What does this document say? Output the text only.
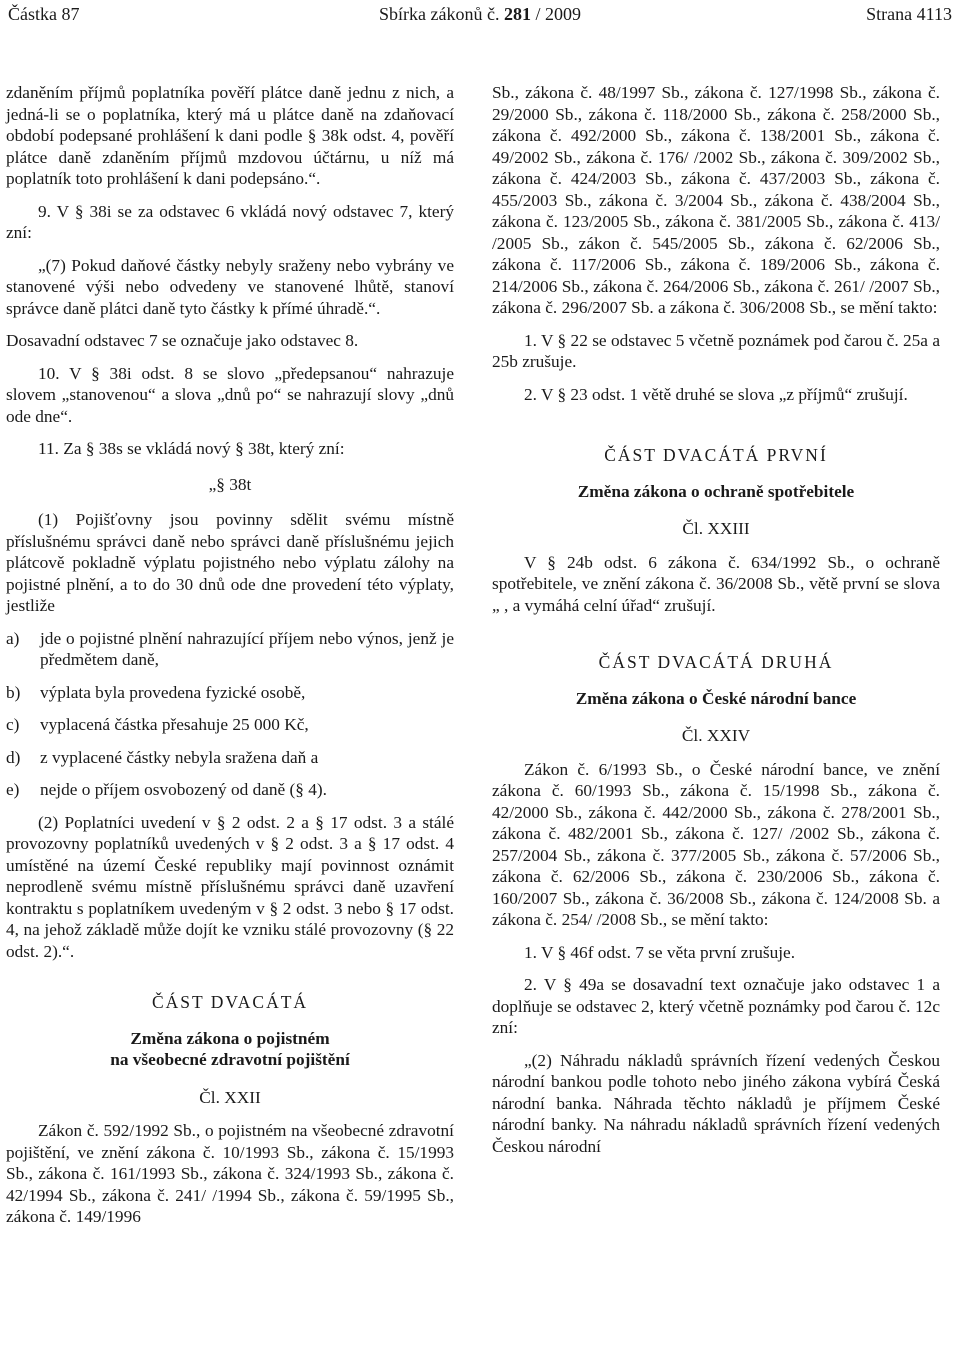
Částka 87	Sbírka zákonů č. 281 / 2009	Strana 4113

zdaněním příjmů poplatníka pověří plátce daně jednu z nich, a jedná-li se o poplatníka, který má u plátce daně na zdaňovací období podepsané prohlášení k dani podle § 38k odst. 4, pověří plátce daně zdaněním příjmů mzdovou účtárnu, u níž má poplatník toto prohlášení k dani podepsáno.“.

9. V § 38i se za odstavec 6 vkládá nový odstavec 7, který zní:

„(7) Pokud daňové částky nebyly sraženy nebo vybrány ve stanovené výši nebo odvedeny ve stanovené lhůtě, stanoví správce daně plátci daně tyto částky k přímé úhradě.“.

Dosavadní odstavec 7 se označuje jako odstavec 8.

10. V § 38i odst. 8 se slovo „předepsanou“ nahrazuje slovem „stanovenou“ a slova „dnů po“ se nahrazují slovy „dnů ode dne“.

11. Za § 38s se vkládá nový § 38t, který zní:

„§ 38t

(1) Pojišťovny jsou povinny sdělit svému místně příslušnému správci daně nebo správci daně příslušnému jejich plátcově pokladně výplatu pojistného nebo výplatu zálohy na pojistné plnění, a to do 30 dnů ode dne provedení této výplaty, jestliže

a)	jde o pojistné plnění nahrazující příjem nebo výnos, jenž je předmětem daně,
b)	výplata byla provedena fyzické osobě,
c)	vyplacená částka přesahuje 25 000 Kč,
d)	z vyplacené částky nebyla sražena daň a
e)	nejde o příjem osvobozený od daně (§ 4).

(2) Poplatníci uvedení v § 2 odst. 2 a § 17 odst. 3 a stálé provozovny poplatníků uvedených v § 2 odst. 3 a § 17 odst. 4 umístěné na území České republiky mají povinnost oznámit neprodleně svému místně příslušnému správci daně uzavření kontraktu s poplatníkem uvedeným v § 2 odst. 3 nebo § 17 odst. 4, na jehož základě může dojít ke vzniku stálé provozovny (§ 22 odst. 2).“.

ČÁST DVACÁTÁ

Změna zákona o pojistném

na všeobecné zdravotní pojištění

Čl. XXII

Zákon č. 592/1992 Sb., o pojistném na všeobecné zdravotní pojištění, ve znění zákona č. 10/1993 Sb., zákona č. 15/1993 Sb., zákona č. 161/1993 Sb., zákona č. 324/1993 Sb., zákona č. 42/1994 Sb., zákona č. 241/ /1994 Sb., zákona č. 59/1995 Sb., zákona č. 149/1996

Sb., zákona č. 48/1997 Sb., zákona č. 127/1998 Sb., zákona č. 29/2000 Sb., zákona č. 118/2000 Sb., zákona č. 258/2000 Sb., zákona č. 492/2000 Sb., zákona č. 138/2001 Sb., zákona č. 49/2002 Sb., zákona č. 176/ /2002 Sb., zákona č. 309/2002 Sb., zákona č. 424/2003 Sb., zákona č. 437/2003 Sb., zákona č. 455/2003 Sb., zákona č. 3/2004 Sb., zákona č. 438/2004 Sb., zákona č. 123/2005 Sb., zákona č. 381/2005 Sb., zákona č. 413/ /2005 Sb., zákon č. 545/2005 Sb., zákona č. 62/2006 Sb., zákona č. 117/2006 Sb., zákona č. 189/2006 Sb., zákona č. 214/2006 Sb., zákona č. 264/2006 Sb., zákona č. 261/ /2007 Sb., zákona č. 296/2007 Sb. a zákona č. 306/2008 Sb., se mění takto:

1. V § 22 se odstavec 5 včetně poznámek pod čarou č. 25a a 25b zrušuje.

2. V § 23 odst. 1 větě druhé se slova „z příjmů“ zrušují.

ČÁST DVACÁTÁ PRVNÍ

Změna zákona o ochraně spotřebitele

Čl. XXIII

V § 24b odst. 6 zákona č. 634/1992 Sb., o ochraně spotřebitele, ve znění zákona č. 36/2008 Sb., větě první se slova „ , a vymáhá celní úřad“ zrušují.

ČÁST DVACÁTÁ DRUHÁ

Změna zákona o České národní bance

Čl. XXIV

Zákon č. 6/1993 Sb., o České národní bance, ve znění zákona č. 60/1993 Sb., zákona č. 15/1998 Sb., zákona č. 42/2000 Sb., zákona č. 442/2000 Sb., zákona č. 278/2001 Sb., zákona č. 482/2001 Sb., zákona č. 127/ /2002 Sb., zákona č. 257/2004 Sb., zákona č. 377/2005 Sb., zákona č. 57/2006 Sb., zákona č. 62/2006 Sb., zákona č. 230/2006 Sb., zákona č. 160/2007 Sb., zákona č. 36/2008 Sb., zákona č. 124/2008 Sb. a zákona č. 254/ /2008 Sb., se mění takto:

1. V § 46f odst. 7 se věta první zrušuje.

2. V § 49a se dosavadní text označuje jako odstavec 1 a doplňuje se odstavec 2, který včetně poznámky pod čarou č. 12c zní:

„(2) Náhradu nákladů správních řízení vedených Českou národní bankou podle tohoto nebo jiného zákona vybírá Česká národní banka. Náhrada těchto nákladů je příjmem České národní banky. Na náhradu nákladů správních řízení vedených Českou národní
